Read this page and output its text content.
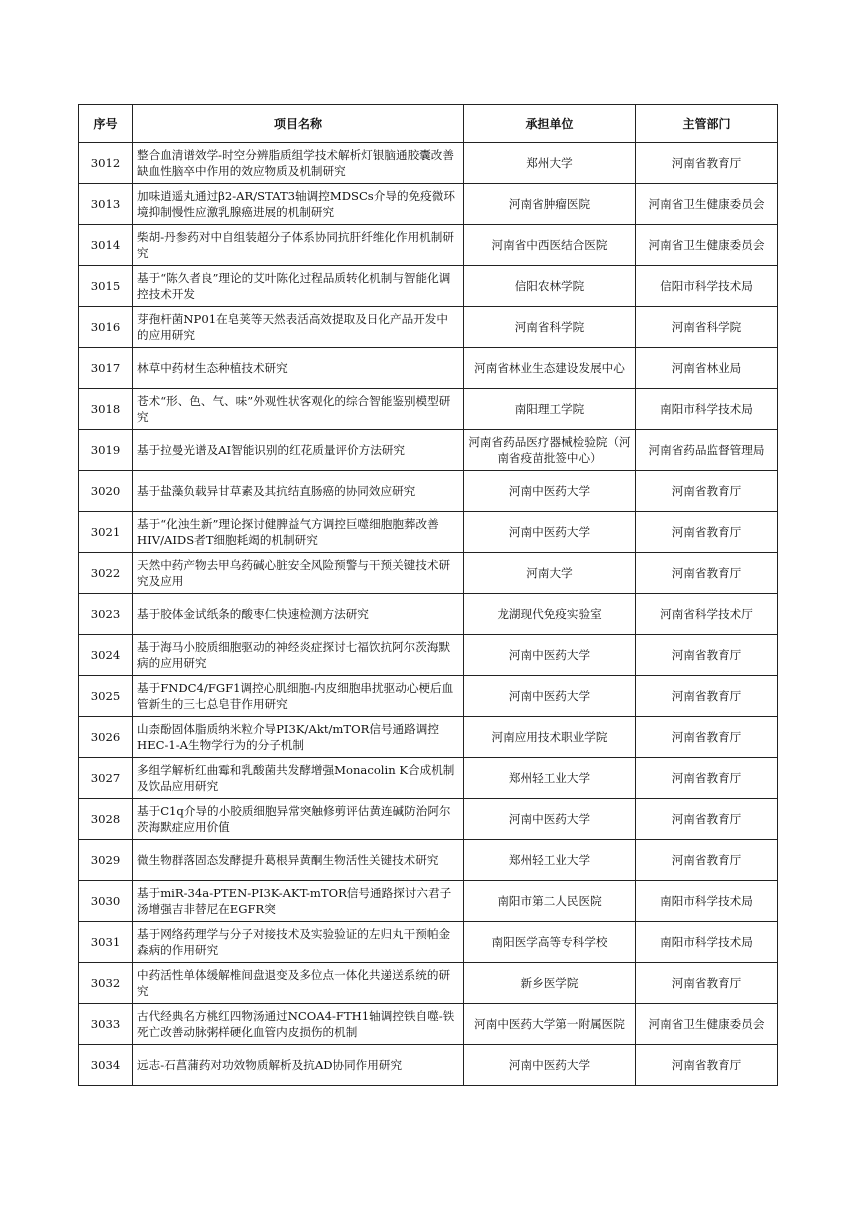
序号	项目名称	承担单位	主管部门
3012	整合血清谱效学-时空分辨脂质组学技术解析灯银脑通胶囊改善缺血性脑卒中作用的效应物质及机制研究	郑州大学	河南省教育厅
3013	加味逍遥丸通过β2-AR/STAT3轴调控MDSCs介导的免疫微环境抑制慢性应激乳腺癌进展的机制研究	河南省肿瘤医院	河南省卫生健康委员会
3014	柴胡-丹参药对中自组装超分子体系协同抗肝纤维化作用机制研究	河南省中西医结合医院	河南省卫生健康委员会
3015	基于“陈久者良”理论的艾叶陈化过程品质转化机制与智能化调控技术开发	信阳农林学院	信阳市科学技术局
3016	芽孢杆菌NP01在皂荚等天然表活高效提取及日化产品开发中的应用研究	河南省科学院	河南省科学院
3017	林草中药材生态种植技术研究	河南省林业生态建设发展中心	河南省林业局
3018	苍术“形、色、气、味”外观性状客观化的综合智能鉴别模型研究	南阳理工学院	南阳市科学技术局
3019	基于拉曼光谱及AI智能识别的红花质量评价方法研究	河南省药品医疗器械检验院（河南省疫苗批签中心）	河南省药品监督管理局
3020	基于盐藻负载异甘草素及其抗结直肠癌的协同效应研究	河南中医药大学	河南省教育厅
3021	基于“化浊生新”理论探讨健脾益气方调控巨噬细胞胞葬改善HIV/AIDS者T细胞耗竭的机制研究	河南中医药大学	河南省教育厅
3022	天然中药产物去甲乌药碱心脏安全风险预警与干预关键技术研究及应用	河南大学	河南省教育厅
3023	基于胶体金试纸条的酸枣仁快速检测方法研究	龙湖现代免疫实验室	河南省科学技术厅
3024	基于海马小胶质细胞驱动的神经炎症探讨七福饮抗阿尔茨海默病的应用研究	河南中医药大学	河南省教育厅
3025	基于FNDC4/FGF1调控心肌细胞-内皮细胞串扰驱动心梗后血管新生的三七总皂苷作用研究	河南中医药大学	河南省教育厅
3026	山柰酚固体脂质纳米粒介导PI3K/Akt/mTOR信号通路调控HEC-1-A生物学行为的分子机制	河南应用技术职业学院	河南省教育厅
3027	多组学解析红曲霉和乳酸菌共发酵增强Monacolin K合成机制及饮品应用研究	郑州轻工业大学	河南省教育厅
3028	基于C1q介导的小胶质细胞异常突触修剪评估黄连碱防治阿尔茨海默症应用价值	河南中医药大学	河南省教育厅
3029	微生物群落固态发酵提升葛根异黄酮生物活性关键技术研究	郑州轻工业大学	河南省教育厅
3030	基于miR-34a-PTEN-PI3K-AKT-mTOR信号通路探讨六君子汤增强吉非替尼在EGFR突	南阳市第二人民医院	南阳市科学技术局
3031	基于网络药理学与分子对接技术及实验验证的左归丸干预帕金森病的作用研究	南阳医学高等专科学校	南阳市科学技术局
3032	中药活性单体缓解椎间盘退变及多位点一体化共递送系统的研究	新乡医学院	河南省教育厅
3033	古代经典名方桃红四物汤通过NCOA4-FTH1轴调控铁自噬-铁死亡改善动脉粥样硬化血管内皮损伤的机制	河南中医药大学第一附属医院	河南省卫生健康委员会
3034	远志-石菖蒲药对功效物质解析及抗AD协同作用研究	河南中医药大学	河南省教育厅
